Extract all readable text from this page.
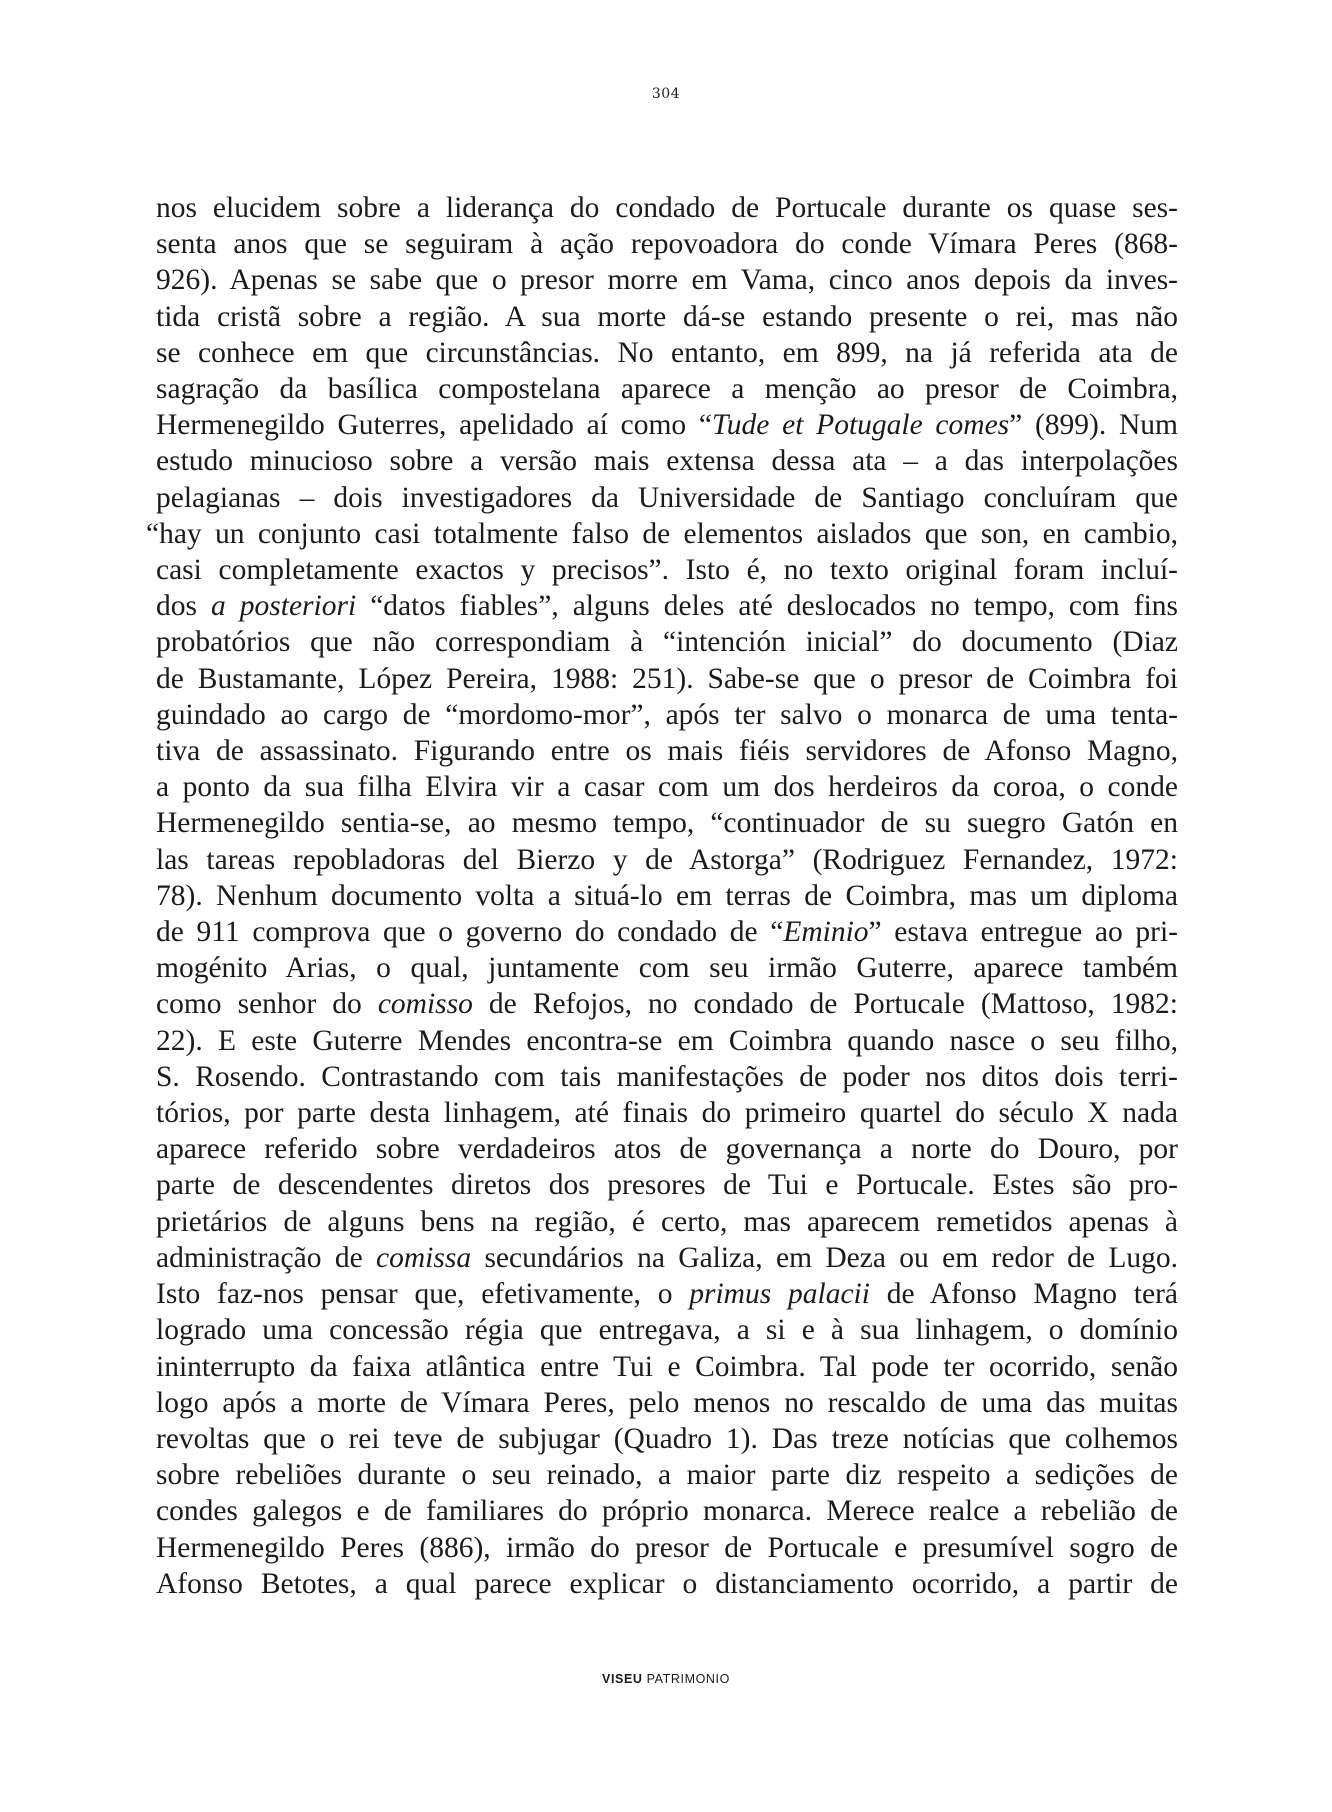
304

nos elucidem sobre a liderança do condado de Portucale durante os quase ses-

senta anos que se seguiram à ação repovoadora do conde Vímara Peres (868-

926). Apenas se sabe que o presor morre em Vama, cinco anos depois da inves-

tida cristã sobre a região. A sua morte dá-se estando presente o rei, mas não

se conhece em que circunstâncias. No entanto, em 899, na já referida ata de

sagração da basílica compostelana aparece a menção ao presor de Coimbra,

Hermenegildo Guterres, apelidado aí como “Tude et Potugale comes” (899). Num

estudo minucioso sobre a versão mais extensa dessa ata – a das interpolações

pelagianas – dois investigadores da Universidade de Santiago concluíram que

“hay un conjunto casi totalmente falso de elementos aislados que son, en cambio,

casi completamente exactos y precisos”. Isto é, no texto original foram incluí-

dos a posteriori “datos fiables”, alguns deles até deslocados no tempo, com fins

probatórios que não correspondiam à “intención inicial” do documento (Diaz

de Bustamante, López Pereira, 1988: 251). Sabe-se que o presor de Coimbra foi

guindado ao cargo de “mordomo-mor”, após ter salvo o monarca de uma tenta-

tiva de assassinato. Figurando entre os mais fiéis servidores de Afonso Magno,

a ponto da sua filha Elvira vir a casar com um dos herdeiros da coroa, o conde

Hermenegildo sentia-se, ao mesmo tempo, “continuador de su suegro Gatón en

las tareas repobladoras del Bierzo y de Astorga” (Rodriguez Fernandez, 1972:

78). Nenhum documento volta a situá-lo em terras de Coimbra, mas um diploma

de 911 comprova que o governo do condado de “Eminio” estava entregue ao pri-

mogénito Arias, o qual, juntamente com seu irmão Guterre, aparece também

como senhor do comisso de Refojos, no condado de Portucale (Mattoso, 1982:

22). E este Guterre Mendes encontra-se em Coimbra quando nasce o seu filho,

S. Rosendo. Contrastando com tais manifestações de poder nos ditos dois terri-

tórios, por parte desta linhagem, até finais do primeiro quartel do século X nada

aparece referido sobre verdadeiros atos de governança a norte do Douro, por

parte de descendentes diretos dos presores de Tui e Portucale. Estes são pro-

prietários de alguns bens na região, é certo, mas aparecem remetidos apenas à

administração de comissa secundários na Galiza, em Deza ou em redor de Lugo.

Isto faz-nos pensar que, efetivamente, o primus palacii de Afonso Magno terá

logrado uma concessão régia que entregava, a si e à sua linhagem, o domínio

ininterrupto da faixa atlântica entre Tui e Coimbra. Tal pode ter ocorrido, senão

logo após a morte de Vímara Peres, pelo menos no rescaldo de uma das muitas

revoltas que o rei teve de subjugar (Quadro 1). Das treze notícias que colhemos

sobre rebeliões durante o seu reinado, a maior parte diz respeito a sedições de

condes galegos e de familiares do próprio monarca. Merece realce a rebelião de

Hermenegildo Peres (886), irmão do presor de Portucale e presumível sogro de

Afonso Betotes, a qual parece explicar o distanciamento ocorrido, a partir de

VISEU PATRIMONIO
